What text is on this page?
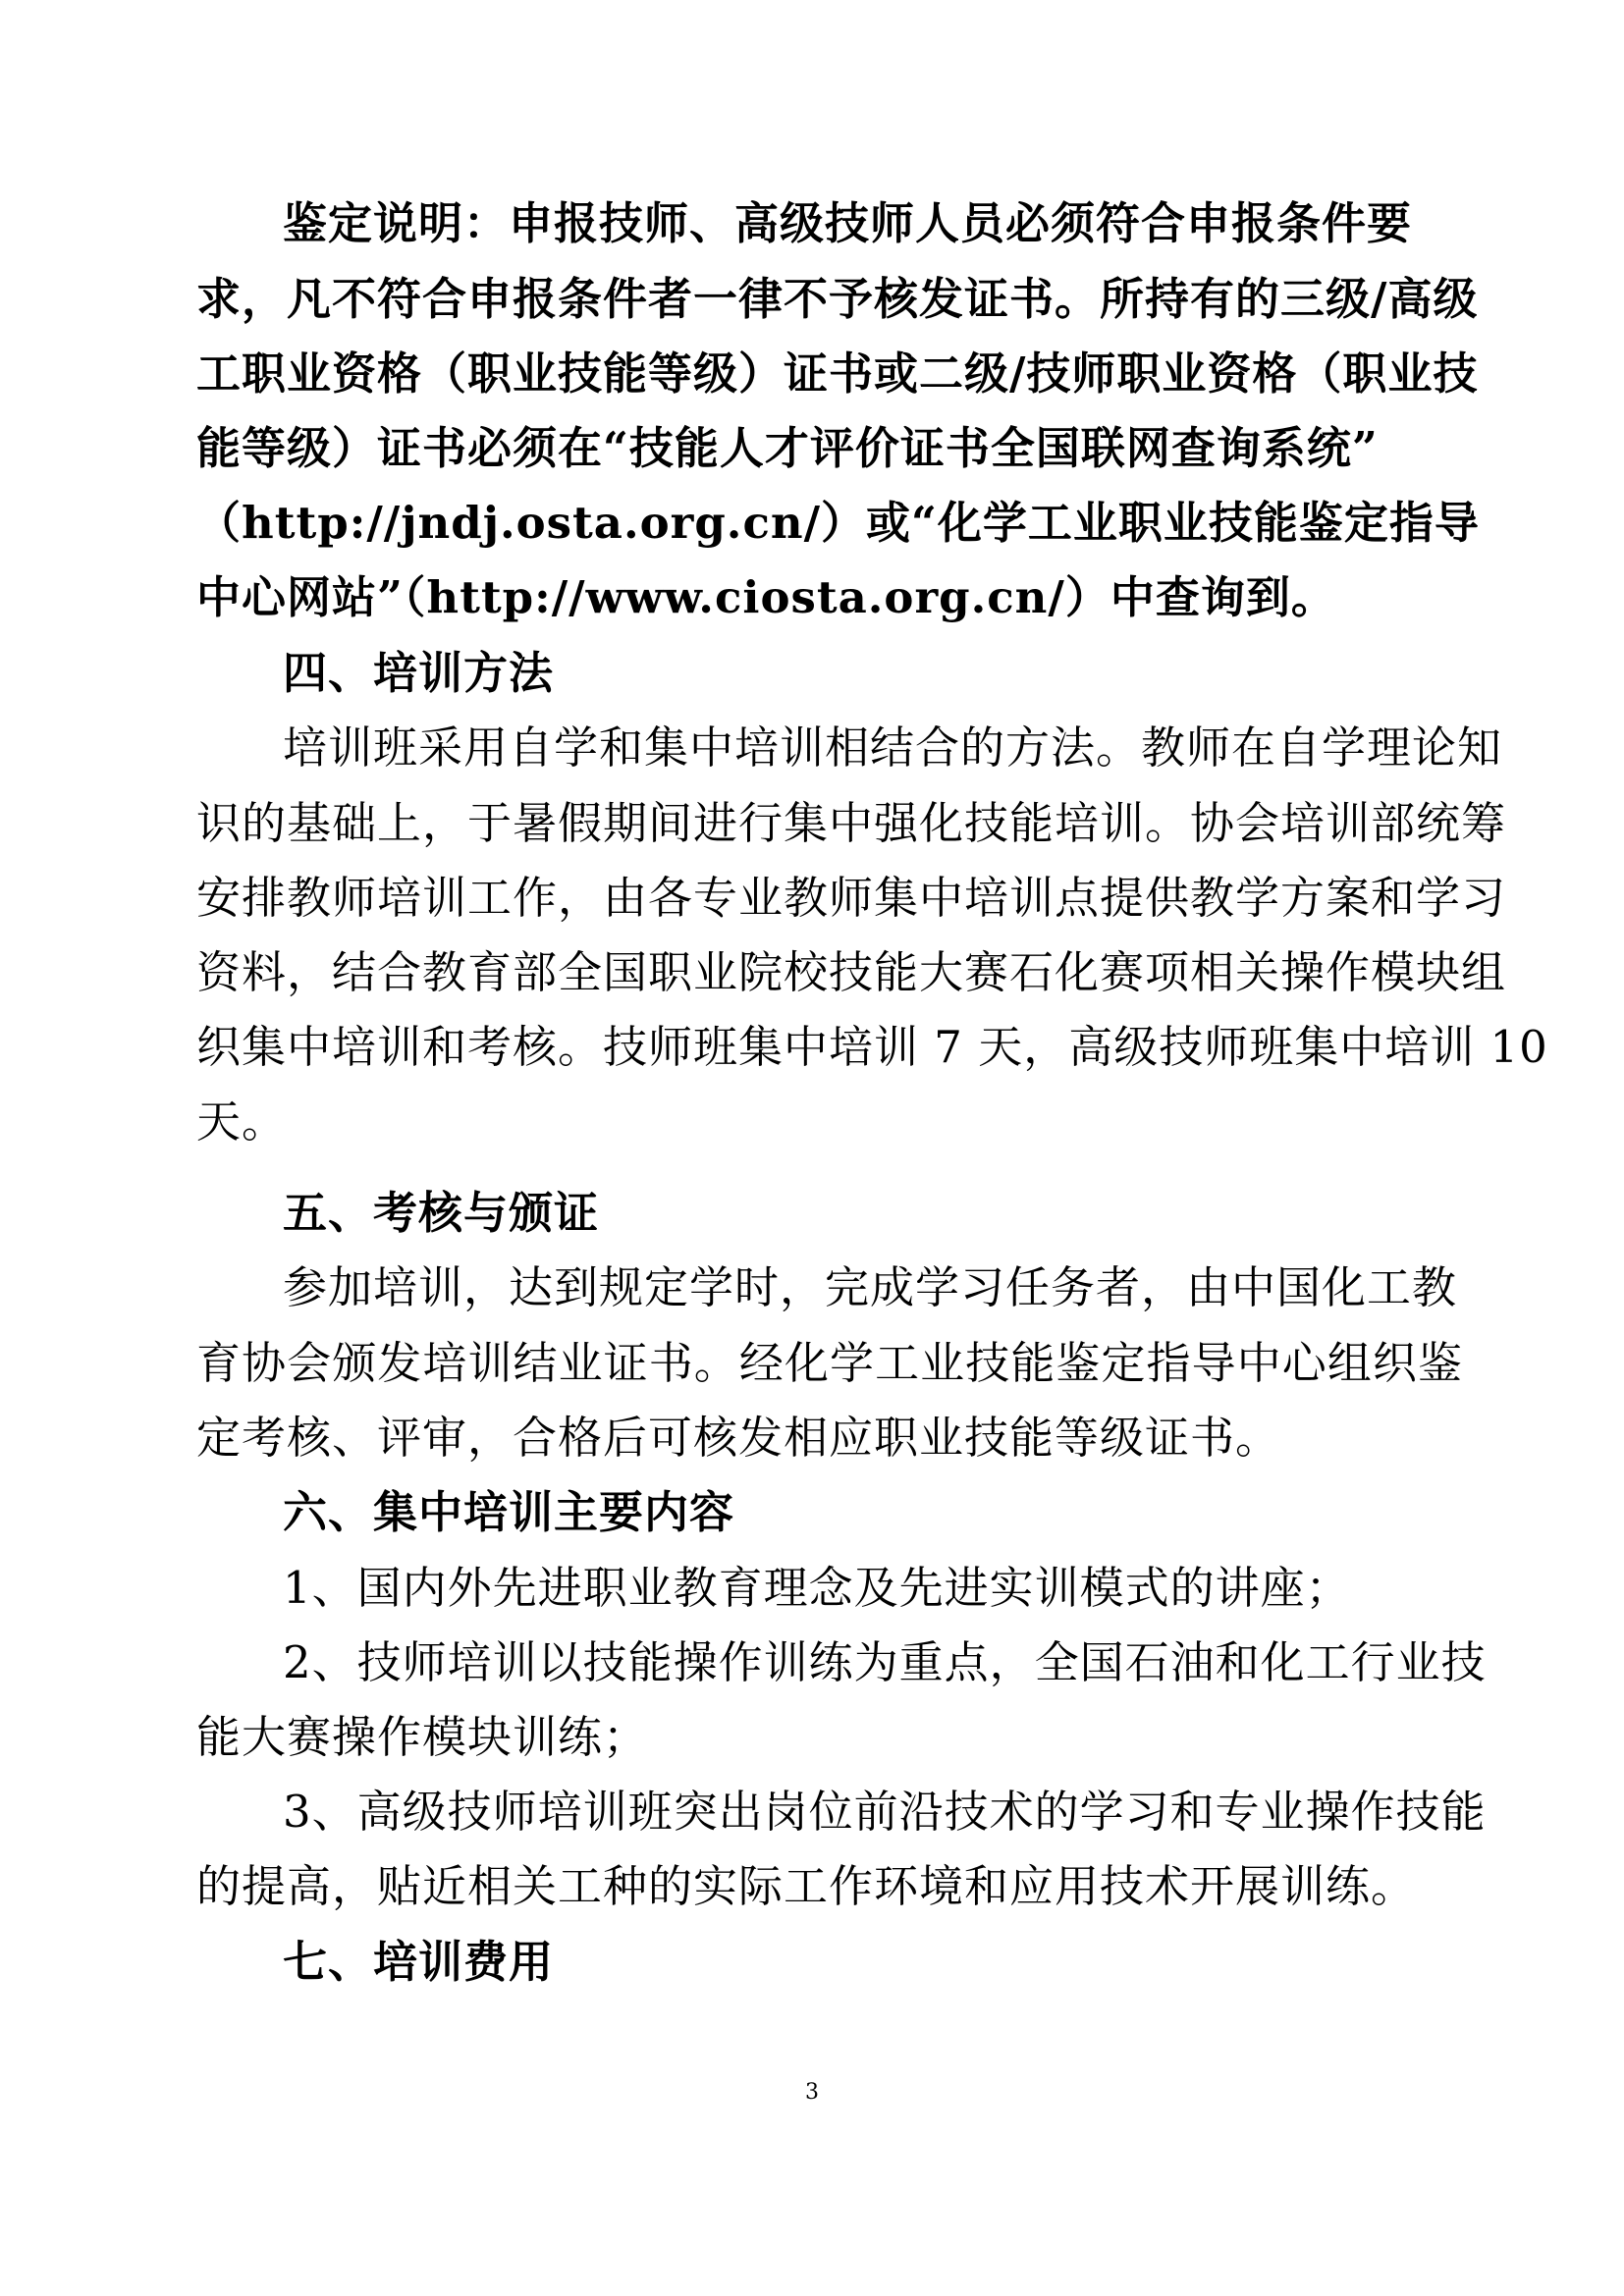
鉴定说明：申报技师、高级技师人员必须符合申报条件要
求，凡不符合申报条件者一律不予核发证书。所持有的三级/高级
工职业资格（职业技能等级）证书或二级/技师职业资格（职业技
能等级）证书必须在“技能人才评价证书全国联网查询系统”
（http://jndj.osta.org.cn/）或“化学工业职业技能鉴定指导
中心网站”（http://www.ciosta.org.cn/）中查询到。
四、培训方法
培训班采用自学和集中培训相结合的方法。教师在自学理论知
识的基础上，于暑假期间进行集中强化技能培训。协会培训部统筹
安排教师培训工作，由各专业教师集中培训点提供教学方案和学习
资料，结合教育部全国职业院校技能大赛石化赛项相关操作模块组
织集中培训和考核。技师班集中培训 7 天，高级技师班集中培训 10
天。
五、考核与颁证
参加培训，达到规定学时，完成学习任务者，由中国化工教
育协会颁发培训结业证书。经化学工业技能鉴定指导中心组织鉴
定考核、评审，合格后可核发相应职业技能等级证书。
六、集中培训主要内容
1、国内外先进职业教育理念及先进实训模式的讲座；
2、技师培训以技能操作训练为重点，全国石油和化工行业技
能大赛操作模块训练；
3、高级技师培训班突出岗位前沿技术的学习和专业操作技能
的提高，贴近相关工种的实际工作环境和应用技术开展训练。
七、培训费用
3
